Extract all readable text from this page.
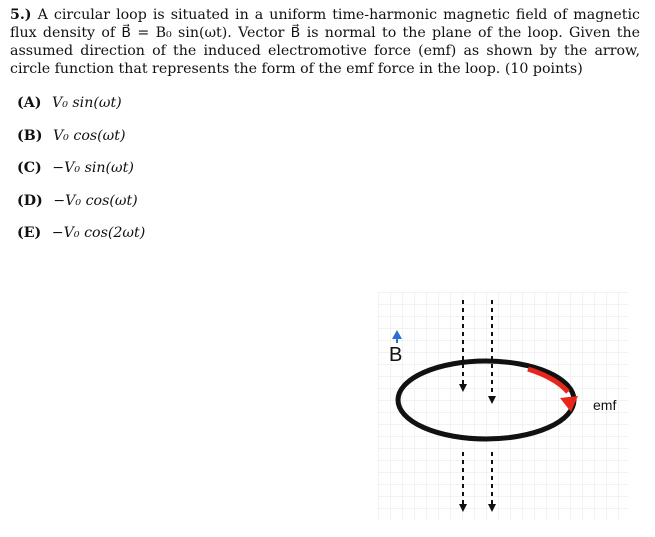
5.) A circular loop is situated in a uniform time-harmonic magnetic field of magnetic flux density of B⃗ = B₀ sin(ωt). Vector B⃗ is normal to the plane of the loop. Given the assumed direction of the induced electromotive force (emf) as shown by the arrow, circle function that represents the form of the emf force in the loop. (10 points)
(A) V₀ sin(ωt)
(B) V₀ cos(ωt)
(C) −V₀ sin(ωt)
(D) −V₀ cos(ωt)
(E) −V₀ cos(2ωt)
B
emf
